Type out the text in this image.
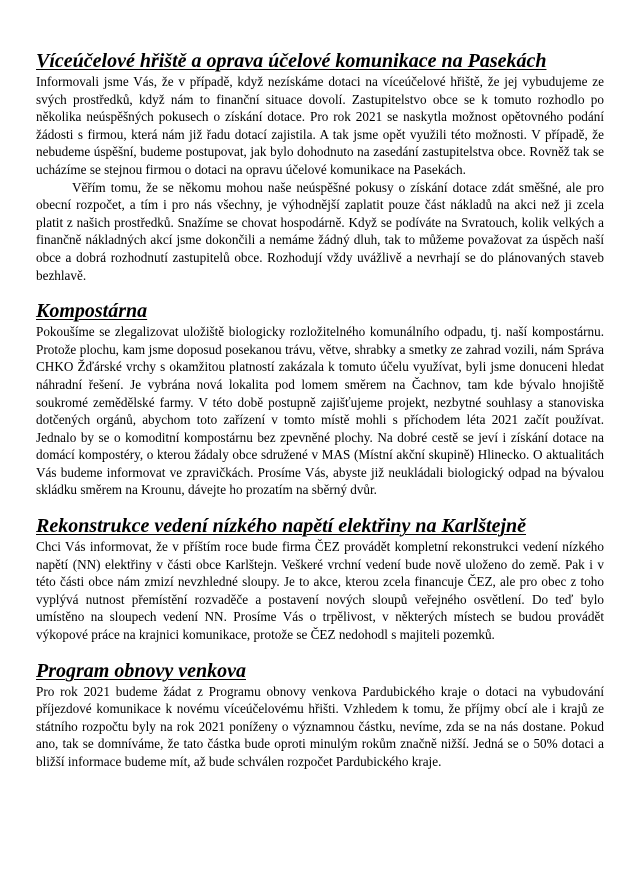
Víceúčelové hřiště a oprava účelové komunikace na Pasekách

Informovali jsme Vás, že v případě, když nezískáme dotaci na víceúčelové hřiště, že jej vybudujeme ze svých prostředků, když nám to finanční situace dovolí. Zastupitelstvo obce se k tomuto rozhodlo po několika neúspěšných pokusech o získání dotace. Pro rok 2021 se naskytla možnost opětovného podání žádosti s firmou, která nám již řadu dotací zajistila. A tak jsme opět využili této možnosti. V případě, že nebudeme úspěšní, budeme postupovat, jak bylo dohodnuto na zasedání zastupitelstva obce. Rovněž tak se ucházíme se stejnou firmou o dotaci na opravu účelové komunikace na Pasekách.

Věřím tomu, že se někomu mohou naše neúspěšné pokusy o získání dotace zdát směšné, ale pro obecní rozpočet, a tím i pro nás všechny, je výhodnější zaplatit pouze část nákladů na akci než ji zcela platit z našich prostředků. Snažíme se chovat hospodárně. Když se podíváte na Svratouch, kolik velkých a finančně nákladných akcí jsme dokončili a nemáme žádný dluh, tak to můžeme považovat za úspěch naší obce a dobrá rozhodnutí zastupitelů obce. Rozhodují vždy uvážlivě a nevrhají se do plánovaných staveb bezhlavě.

Kompostárna

Pokoušíme se zlegalizovat uložiště biologicky rozložitelného komunálního odpadu, tj. naší kompostárnu. Protože plochu, kam jsme doposud posekanou trávu, větve, shrabky a smetky ze zahrad vozili, nám Správa CHKO Žďárské vrchy s okamžitou platností zakázala k tomuto účelu využívat, byli jsme donuceni hledat náhradní řešení. Je vybrána nová lokalita pod lomem směrem na Čachnov, tam kde bývalo hnojiště soukromé zemědělské farmy. V této době postupně zajišťujeme projekt, nezbytné souhlasy a stanoviska dotčených orgánů, abychom toto zařízení v tomto místě mohli s příchodem léta 2021 začít používat. Jednalo by se o komoditní kompostárnu bez zpevněné plochy. Na dobré cestě se jeví i získání dotace na domácí kompostéry, o kterou žádaly obce sdružené v MAS (Místní akční skupině) Hlinecko. O aktualitách Vás budeme informovat ve zpravičkách. Prosíme Vás, abyste již neukládali biologický odpad na bývalou skládku směrem na Krounu, dávejte ho prozatím na sběrný dvůr.

Rekonstrukce vedení nízkého napětí elektřiny na Karlštejně

Chci Vás informovat, že v příštím roce bude firma ČEZ provádět kompletní rekonstrukci vedení nízkého napětí (NN) elektřiny v části obce Karlštejn. Veškeré vrchní vedení bude nově uloženo do země. Pak i v této části obce nám zmizí nevzhledné sloupy. Je to akce, kterou zcela financuje ČEZ, ale pro obec z toho vyplývá nutnost přemístění rozvaděče a postavení nových sloupů veřejného osvětlení. Do teď bylo umístěno na sloupech vedení NN. Prosíme Vás o trpělivost, v některých místech se budou provádět výkopové práce na krajnici komunikace, protože se ČEZ nedohodl s majiteli pozemků.

Program obnovy venkova

Pro rok 2021 budeme žádat z Programu obnovy venkova Pardubického kraje o dotaci na vybudování příjezdové komunikace k novému víceúčelovému hřišti. Vzhledem k tomu, že příjmy obcí ale i krajů ze státního rozpočtu byly na rok 2021 poníženy o významnou částku, nevíme, zda se na nás dostane. Pokud ano, tak se domníváme, že tato částka bude oproti minulým rokům značně nižší. Jedná se o 50% dotaci a bližší informace budeme mít, až bude schválen rozpočet Pardubického kraje.
